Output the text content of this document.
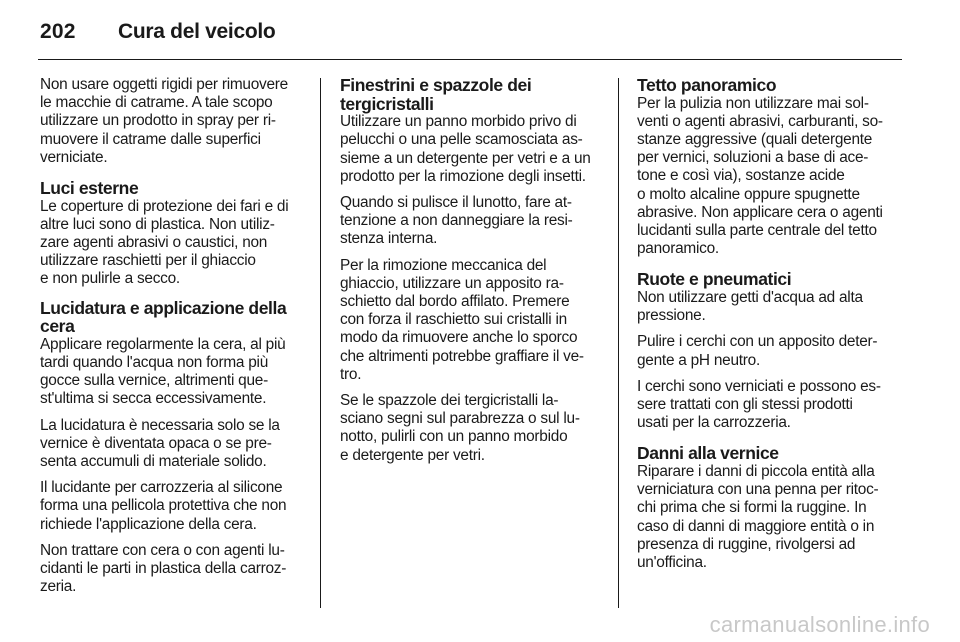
202 Cura del veicolo

Non usare oggetti rigidi per rimuovere
le macchie di catrame. A tale scopo
utilizzare un prodotto in spray per ri-
muovere il catrame dalle superfici
verniciate.

Luci esterne

Le coperture di protezione dei fari e di
altre luci sono di plastica. Non utiliz-
zare agenti abrasivi o caustici, non
utilizzare raschietti per il ghiaccio
e non pulirle a secco.

Lucidatura e applicazione della
cera

Applicare regolarmente la cera, al più
tardi quando l'acqua non forma più
gocce sulla vernice, altrimenti que-
st'ultima si secca eccessivamente.

La lucidatura è necessaria solo se la
vernice è diventata opaca o se pre-
senta accumuli di materiale solido.

Il lucidante per carrozzeria al silicone
forma una pellicola protettiva che non
richiede l'applicazione della cera.

Non trattare con cera o con agenti lu-
cidanti le parti in plastica della carroz-
zeria.

Finestrini e spazzole dei
tergicristalli

Utilizzare un panno morbido privo di
pelucchi o una pelle scamosciata as-
sieme a un detergente per vetri e a un
prodotto per la rimozione degli insetti.

Quando si pulisce il lunotto, fare at-
tenzione a non danneggiare la resi-
stenza interna.

Per la rimozione meccanica del
ghiaccio, utilizzare un apposito ra-
schietto dal bordo affilato. Premere
con forza il raschietto sui cristalli in
modo da rimuovere anche lo sporco
che altrimenti potrebbe graffiare il ve-
tro.

Se le spazzole dei tergicristalli la-
sciano segni sul parabrezza o sul lu-
notto, pulirli con un panno morbido
e detergente per vetri.

Tetto panoramico

Per la pulizia non utilizzare mai sol-
venti o agenti abrasivi, carburanti, so-
stanze aggressive (quali detergente
per vernici, soluzioni a base di ace-
tone e così via), sostanze acide
o molto alcaline oppure spugnette
abrasive. Non applicare cera o agenti
lucidanti sulla parte centrale del tetto
panoramico.

Ruote e pneumatici

Non utilizzare getti d'acqua ad alta
pressione.

Pulire i cerchi con un apposito deter-
gente a pH neutro.

I cerchi sono verniciati e possono es-
sere trattati con gli stessi prodotti
usati per la carrozzeria.

Danni alla vernice

Riparare i danni di piccola entità alla
verniciatura con una penna per ritoc-
chi prima che si formi la ruggine. In
caso di danni di maggiore entità o in
presenza di ruggine, rivolgersi ad
un'officina.

carmanualsonline.info
